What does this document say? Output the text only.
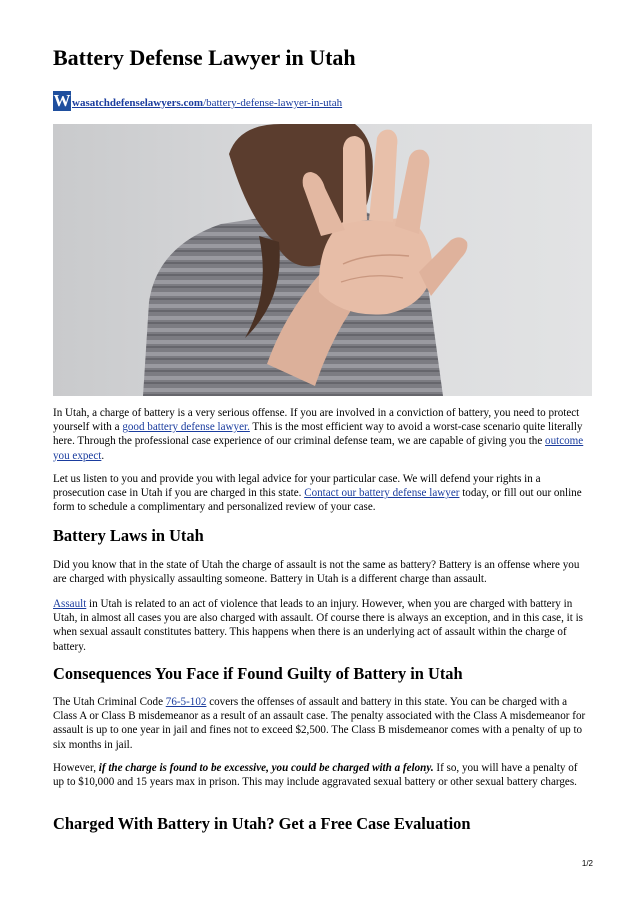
Battery Defense Lawyer in Utah
W wasatchdefenselawyers.com/battery-defense-lawyer-in-utah

In Utah, a charge of battery is a very serious offense. If you are involved in a conviction of battery, you need to protect yourself with a good battery defense lawyer. This is the most efficient way to avoid a worst-case scenario quite literally here. Through the professional case experience of our criminal defense team, we are capable of giving you the outcome you expect.

Let us listen to you and provide you with legal advice for your particular case. We will defend your rights in a prosecution case in Utah if you are charged in this state. Contact our battery defense lawyer today, or fill out our online form to schedule a complimentary and personalized review of your case.

Battery Laws in Utah

Did you know that in the state of Utah the charge of assault is not the same as battery? Battery is an offense where you are charged with physically assaulting someone. Battery in Utah is a different charge than assault.

Assault in Utah is related to an act of violence that leads to an injury. However, when you are charged with battery in Utah, in almost all cases you are also charged with assault. Of course there is always an exception, and in this case, it is when sexual assault constitutes battery. This happens when there is an underlying act of assault within the charge of battery.

Consequences You Face if Found Guilty of Battery in Utah

The Utah Criminal Code 76-5-102 covers the offenses of assault and battery in this state. You can be charged with a Class A or Class B misdemeanor as a result of an assault case. The penalty associated with the Class A misdemeanor for assault is up to one year in jail and fines not to exceed $2,500. The Class B misdemeanor comes with a penalty of up to six months in jail.

However, if the charge is found to be excessive, you could be charged with a felony. If so, you will have a penalty of up to $10,000 and 15 years max in prison. This may include aggravated sexual battery or other sexual battery charges.

Charged With Battery in Utah? Get a Free Case Evaluation
1/2
